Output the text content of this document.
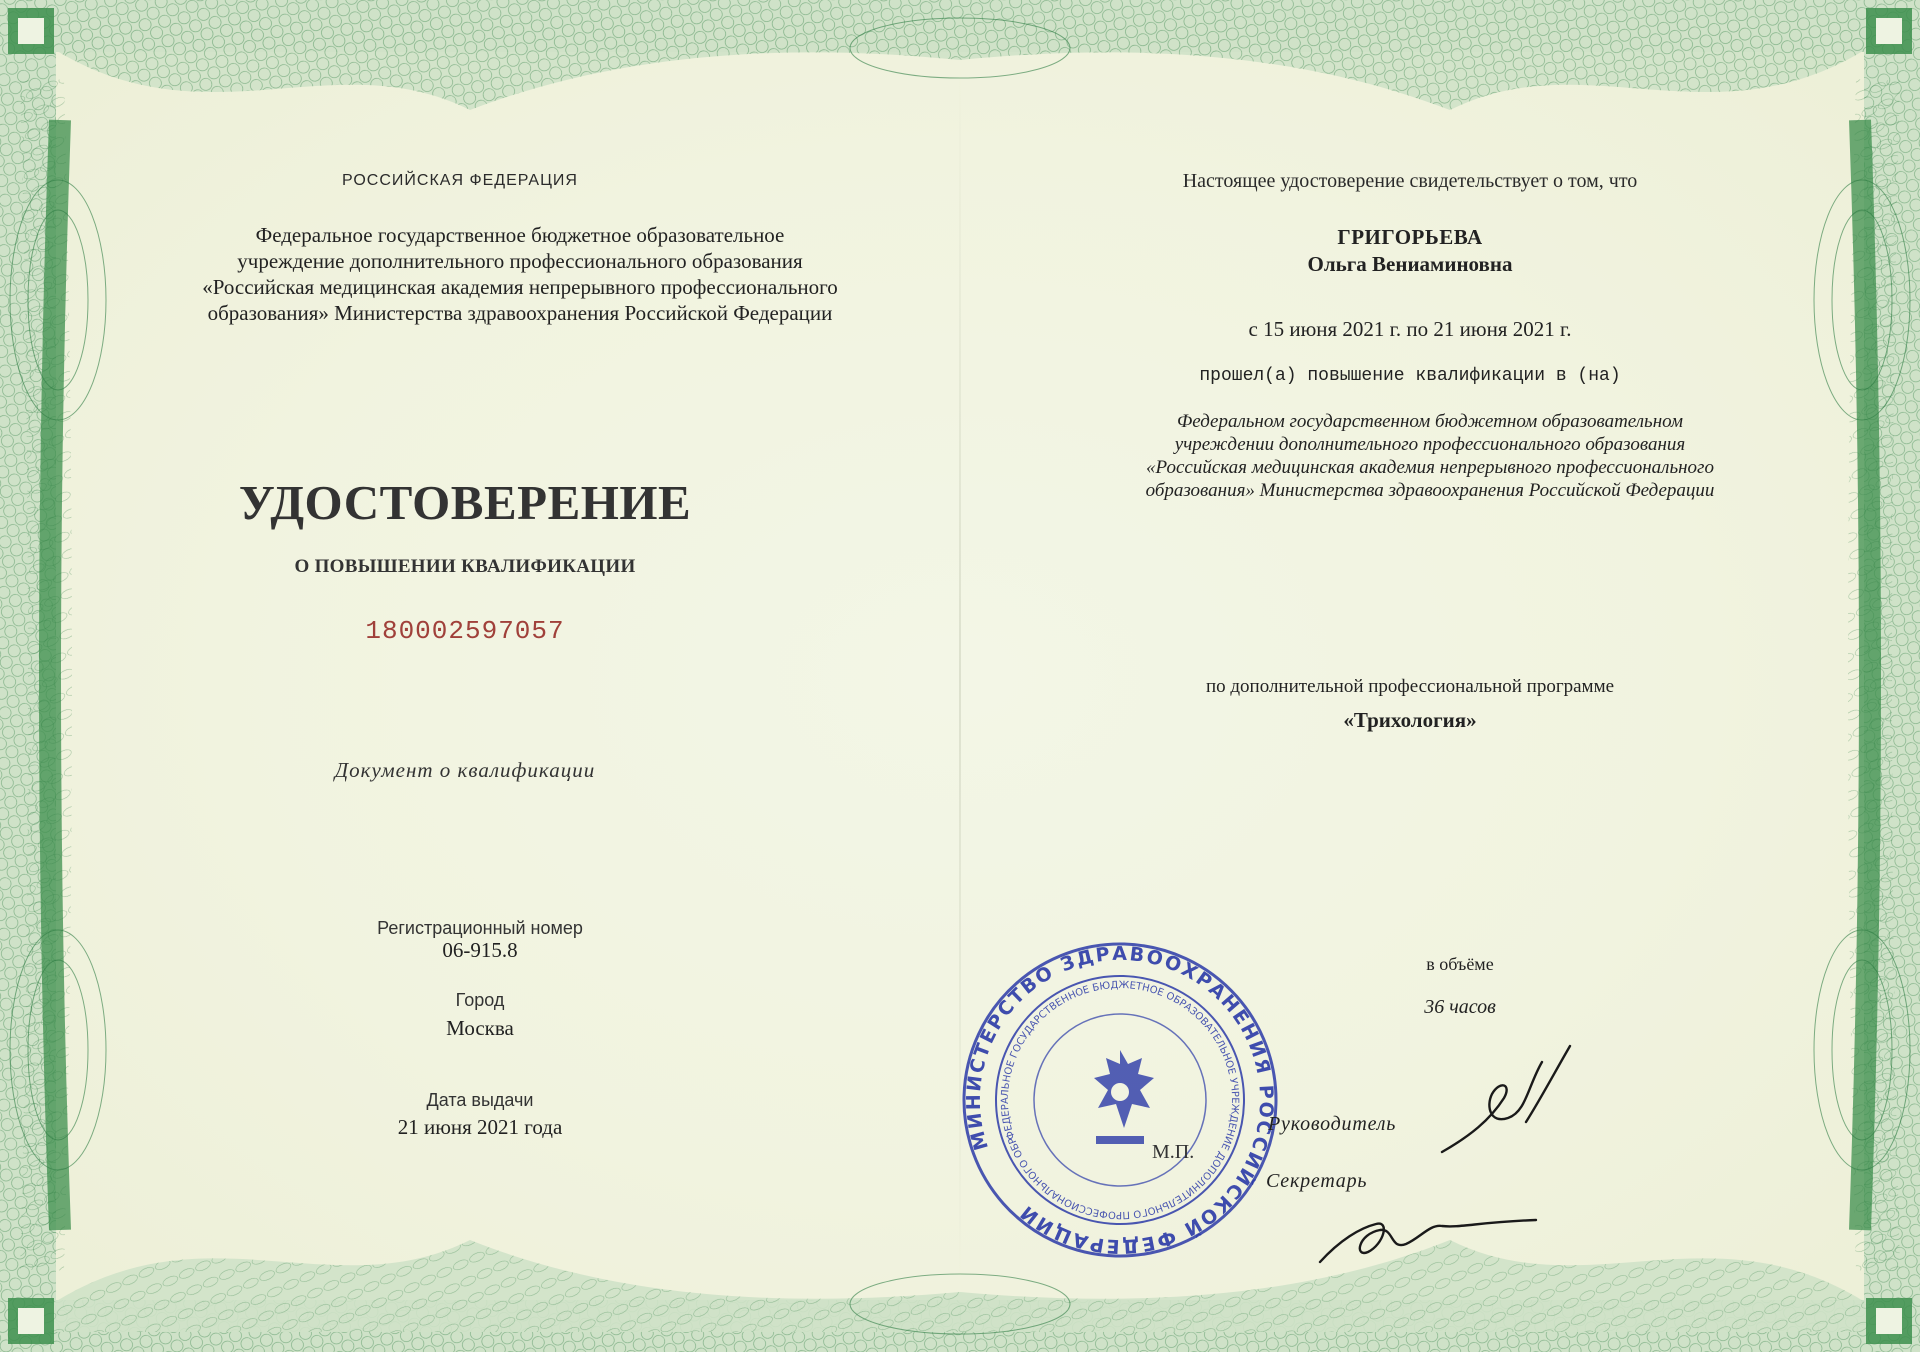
РОССИЙСКАЯ ФЕДЕРАЦИЯ
Федеральное государственное бюджетное образовательное
учреждение дополнительного профессионального образования
«Российская медицинская академия непрерывного профессионального
образования» Министерства здравоохранения Российской Федерации
УДОСТОВЕРЕНИЕ
О ПОВЫШЕНИИ КВАЛИФИКАЦИИ
180002597057
Документ о квалификации
Регистрационный номер
06-915.8
Город
Москва
Дата выдачи
21 июня 2021 года
Настоящее удостоверение свидетельствует о том, что
ГРИГОРЬЕВА
Ольга Вениаминовна
с 15 июня 2021 г. по 21 июня 2021 г.
прошел(а) повышение квалификации в (на)
Федеральном государственном бюджетном образовательном
учреждении дополнительного профессионального образования
«Российская медицинская академия непрерывного профессионального
образования» Министерства здравоохранения Российской Федерации
по дополнительной профессиональной программе
«Трихология»
в объёме
36 часов
МИНИСТЕРСТВО ЗДРАВООХРАНЕНИЯ РОССИЙСКОЙ ФЕДЕРАЦИИ
ФЕДЕРАЛЬНОЕ ГОСУДАРСТВЕННОЕ БЮДЖЕТНОЕ ОБРАЗОВАТЕЛЬНОЕ УЧРЕЖДЕНИЕ ДОПОЛНИТЕЛЬНОГО ПРОФЕССИОНАЛЬНОГО ОБРАЗОВАНИЯ
М.П.
Руководитель
Секретарь
